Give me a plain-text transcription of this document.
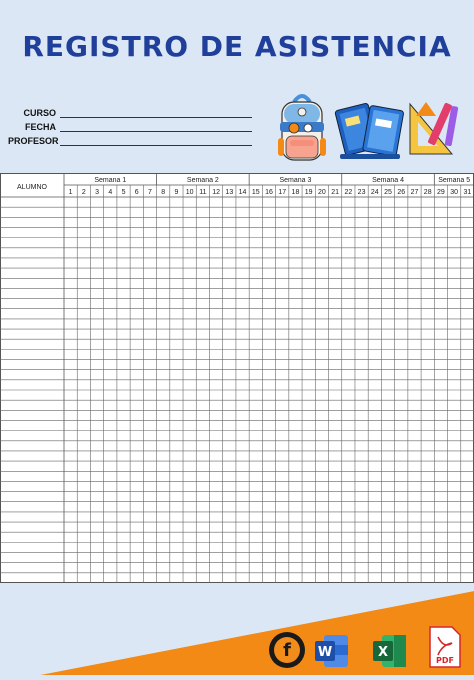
REGISTRO DE ASISTENCIA
CURSO
FECHA
PROFESOR
ALUMNO
Semana 1
1 2 3 4 5 6 7
Semana 2
8 9 10 11 12 13 14
Semana 3
15 16 17 18 19 20 21
Semana 4
22 23 24 25 26 27 28
Semana 5
29 30 31
f W	X
PDF
